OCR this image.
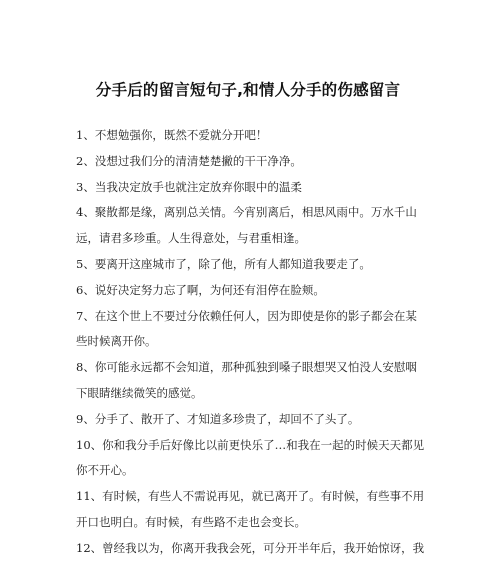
分手后的留言短句子,和情人分手的伤感留言
1、不想勉强你，既然不爱就分开吧！
2、没想过我们分的清清楚楚撇的干干净净。
3、当我决定放手也就注定放弃你眼中的温柔
4、聚散都是缘，离别总关情。今宵别离后，相思风雨中。万水千山远，请君多珍重。人生得意处，与君重相逢。
5、要离开这座城市了，除了他，所有人都知道我要走了。
6、说好决定努力忘了啊，为何还有泪停在脸颊。
7、在这个世上不要过分依赖任何人，因为即使是你的影子都会在某些时候离开你。
8、你可能永远都不会知道，那种孤独到嗓子眼想哭又怕没人安慰咽下眼睛继续微笑的感觉。
9、分手了、散开了、才知道多珍贵了，却回不了头了。
10、你和我分手后好像比以前更快乐了…和我在一起的时候天天都见你不开心。
11、有时候，有些人不需说再见，就已离开了。有时候，有些事不用开口也明白。有时候，有些路不走也会变长。
12、曾经我以为，你离开我我会死，可分开半年后，我开始惊讶，我
